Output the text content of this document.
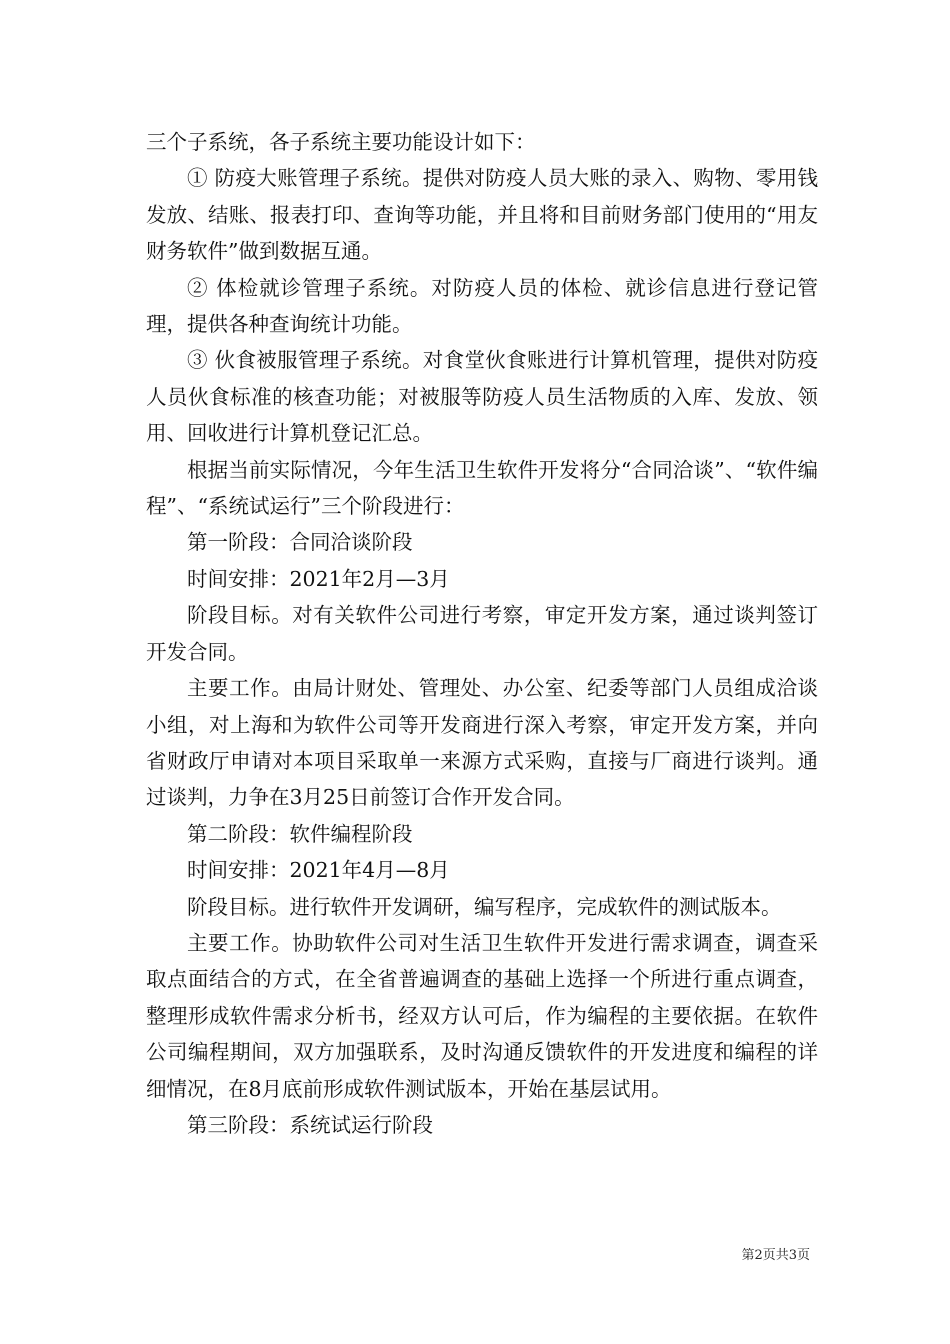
三个子系统，各子系统主要功能设计如下：

① 防疫大账管理子系统。提供对防疫人员大账的录入、购物、零用钱发放、结账、报表打印、查询等功能，并且将和目前财务部门使用的“用友财务软件”做到数据互通。

② 体检就诊管理子系统。对防疫人员的体检、就诊信息进行登记管理，提供各种查询统计功能。

③ 伙食被服管理子系统。对食堂伙食账进行计算机管理，提供对防疫人员伙食标准的核查功能；对被服等防疫人员生活物质的入库、发放、领用、回收进行计算机登记汇总。

根据当前实际情况，今年生活卫生软件开发将分“合同洽谈”、“软件编程”、“系统试运行”三个阶段进行：

第一阶段：合同洽谈阶段

时间安排：2021年2月—3月

阶段目标。对有关软件公司进行考察，审定开发方案，通过谈判签订开发合同。

主要工作。由局计财处、管理处、办公室、纪委等部门人员组成洽谈小组，对上海和为软件公司等开发商进行深入考察，审定开发方案，并向省财政厅申请对本项目采取单一来源方式采购，直接与厂商进行谈判。通过谈判，力争在3月25日前签订合作开发合同。

第二阶段：软件编程阶段

时间安排：2021年4月—8月

阶段目标。进行软件开发调研，编写程序，完成软件的测试版本。

主要工作。协助软件公司对生活卫生软件开发进行需求调查，调查采取点面结合的方式，在全省普遍调查的基础上选择一个所进行重点调查，整理形成软件需求分析书，经双方认可后，作为编程的主要依据。在软件公司编程期间，双方加强联系，及时沟通反馈软件的开发进度和编程的详细情况，在8月底前形成软件测试版本，开始在基层试用。

第三阶段：系统试运行阶段

第2页共3页
